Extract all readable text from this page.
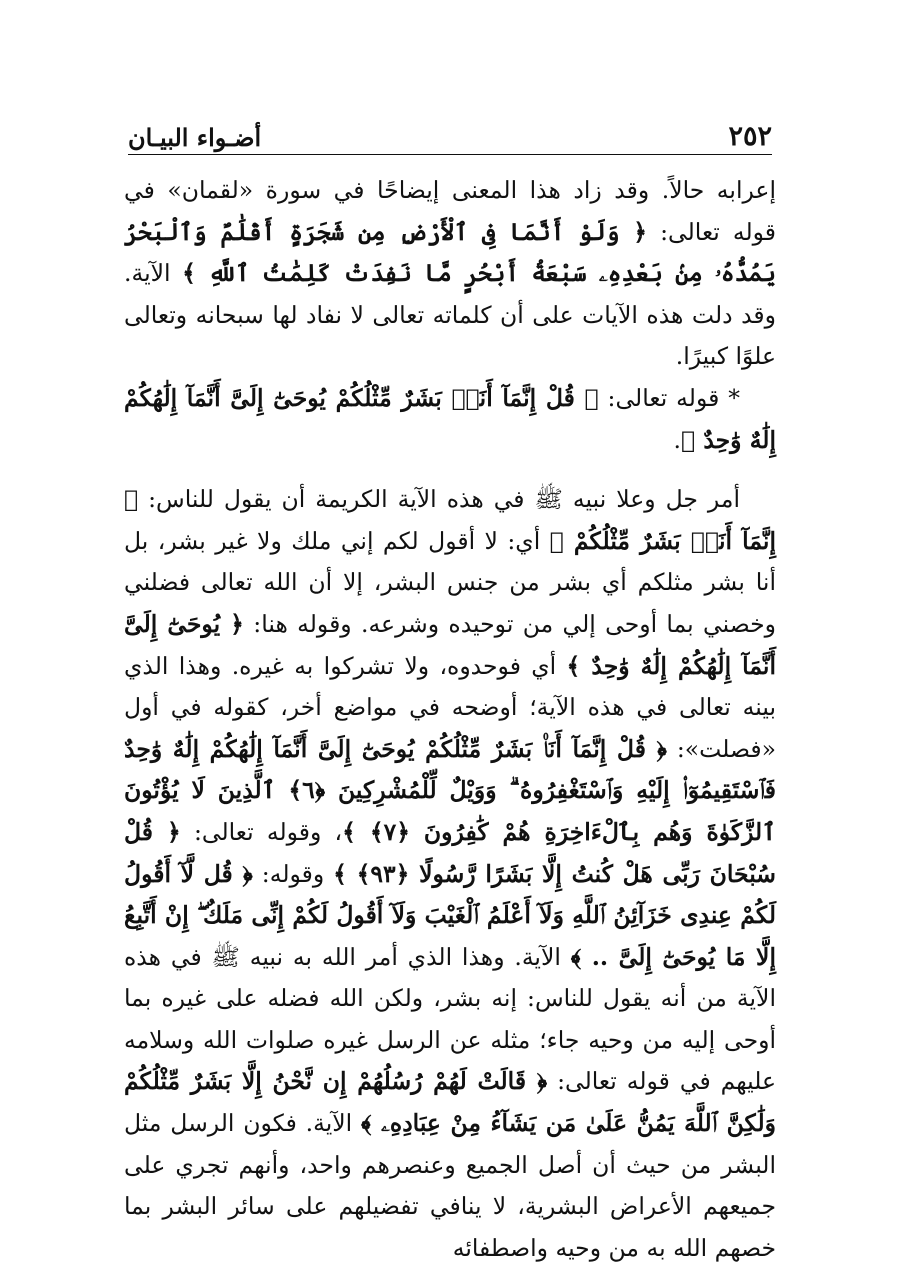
٢٥٢
أضـواء البيـان

إعرابه حالاً. وقد زاد هذا المعنى إيضاحًا في سورة «لقمان» في قوله تعالى: ﴿ وَلَوْ أَنَّمَا فِى ٱلْأَرْضِ مِن شَجَرَةٍ أَقْلَٰمٌ وَٱلْبَحْرُ يَمُدُّهُۥ مِنۢ بَعْدِهِۦ سَبْعَةُ أَبْحُرٍ مَّا نَفِدَتْ كَلِمَٰتُ ٱللَّهِ ﴾ الآية. وقد دلت هذه الآيات على أن كلماته تعالى لا نفاد لها سبحانه وتعالى علوًا كبيرًا.

* قوله تعالى: ﴿ قُلْ إِنَّمَآ أَنَا۠ بَشَرٌ مِّثْلُكُمْ يُوحَىٰٓ إِلَىَّ أَنَّمَآ إِلَٰهُكُمْ إِلَٰهٌ وَٰحِدٌ ﴾.

أمر جل وعلا نبيه ﷺ في هذه الآية الكريمة أن يقول للناس: ﴿ إِنَّمَآ أَنَا۠ بَشَرٌ مِّثْلُكُمْ ﴾ أي: لا أقول لكم إني ملك ولا غير بشر، بل أنا بشر مثلكم أي بشر من جنس البشر، إلا أن الله تعالى فضلني وخصني بما أوحى إلي من توحيده وشرعه. وقوله هنا: ﴿ يُوحَىٰٓ إِلَىَّ أَنَّمَآ إِلَٰهُكُمْ إِلَٰهٌ وَٰحِدٌ ﴾ أي فوحدوه، ولا تشركوا به غيره. وهذا الذي بينه تعالى في هذه الآية؛ أوضحه في مواضع أخر، كقوله في أول «فصلت»: ﴿ قُلْ إِنَّمَآ أَنَا۠ بَشَرٌ مِّثْلُكُمْ يُوحَىٰٓ إِلَىَّ أَنَّمَآ إِلَٰهُكُمْ إِلَٰهٌ وَٰحِدٌ فَٱسْتَقِيمُوٓا۟ إِلَيْهِ وَٱسْتَغْفِرُوهُ ۗ وَوَيْلٌ لِّلْمُشْرِكِينَ ﴿٦﴾ ٱلَّذِينَ لَا يُؤْتُونَ ٱلزَّكَوٰةَ وَهُم بِٱلْءَاخِرَةِ هُمْ كَٰفِرُونَ ﴿٧﴾ ﴾، وقوله تعالى: ﴿ قُلْ سُبْحَانَ رَبِّى هَلْ كُنتُ إِلَّا بَشَرًا رَّسُولًا ﴿٩٣﴾ ﴾ وقوله: ﴿ قُل لَّآ أَقُولُ لَكُمْ عِندِى خَزَآئِنُ ٱللَّهِ وَلَآ أَعْلَمُ ٱلْغَيْبَ وَلَآ أَقُولُ لَكُمْ إِنِّى مَلَكٌ ۖ إِنْ أَتَّبِعُ إِلَّا مَا يُوحَىٰٓ إِلَىَّ .. ﴾ الآية. وهذا الذي أمر الله به نبيه ﷺ في هذه الآية من أنه يقول للناس: إنه بشر، ولكن الله فضله على غيره بما أوحى إليه من وحيه جاء؛ مثله عن الرسل غيره صلوات الله وسلامه عليهم في قوله تعالى: ﴿ قَالَتْ لَهُمْ رُسُلُهُمْ إِن نَّحْنُ إِلَّا بَشَرٌ مِّثْلُكُمْ وَلَٰكِنَّ ٱللَّهَ يَمُنُّ عَلَىٰ مَن يَشَآءُ مِنْ عِبَادِهِۦ ﴾ الآية. فكون الرسل مثل البشر من حيث أن أصل الجميع وعنصرهم واحد، وأنهم تجري على جميعهم الأعراض البشرية، لا ينافي تفضيلهم على سائر البشر بما خصهم الله به من وحيه واصطفائه
